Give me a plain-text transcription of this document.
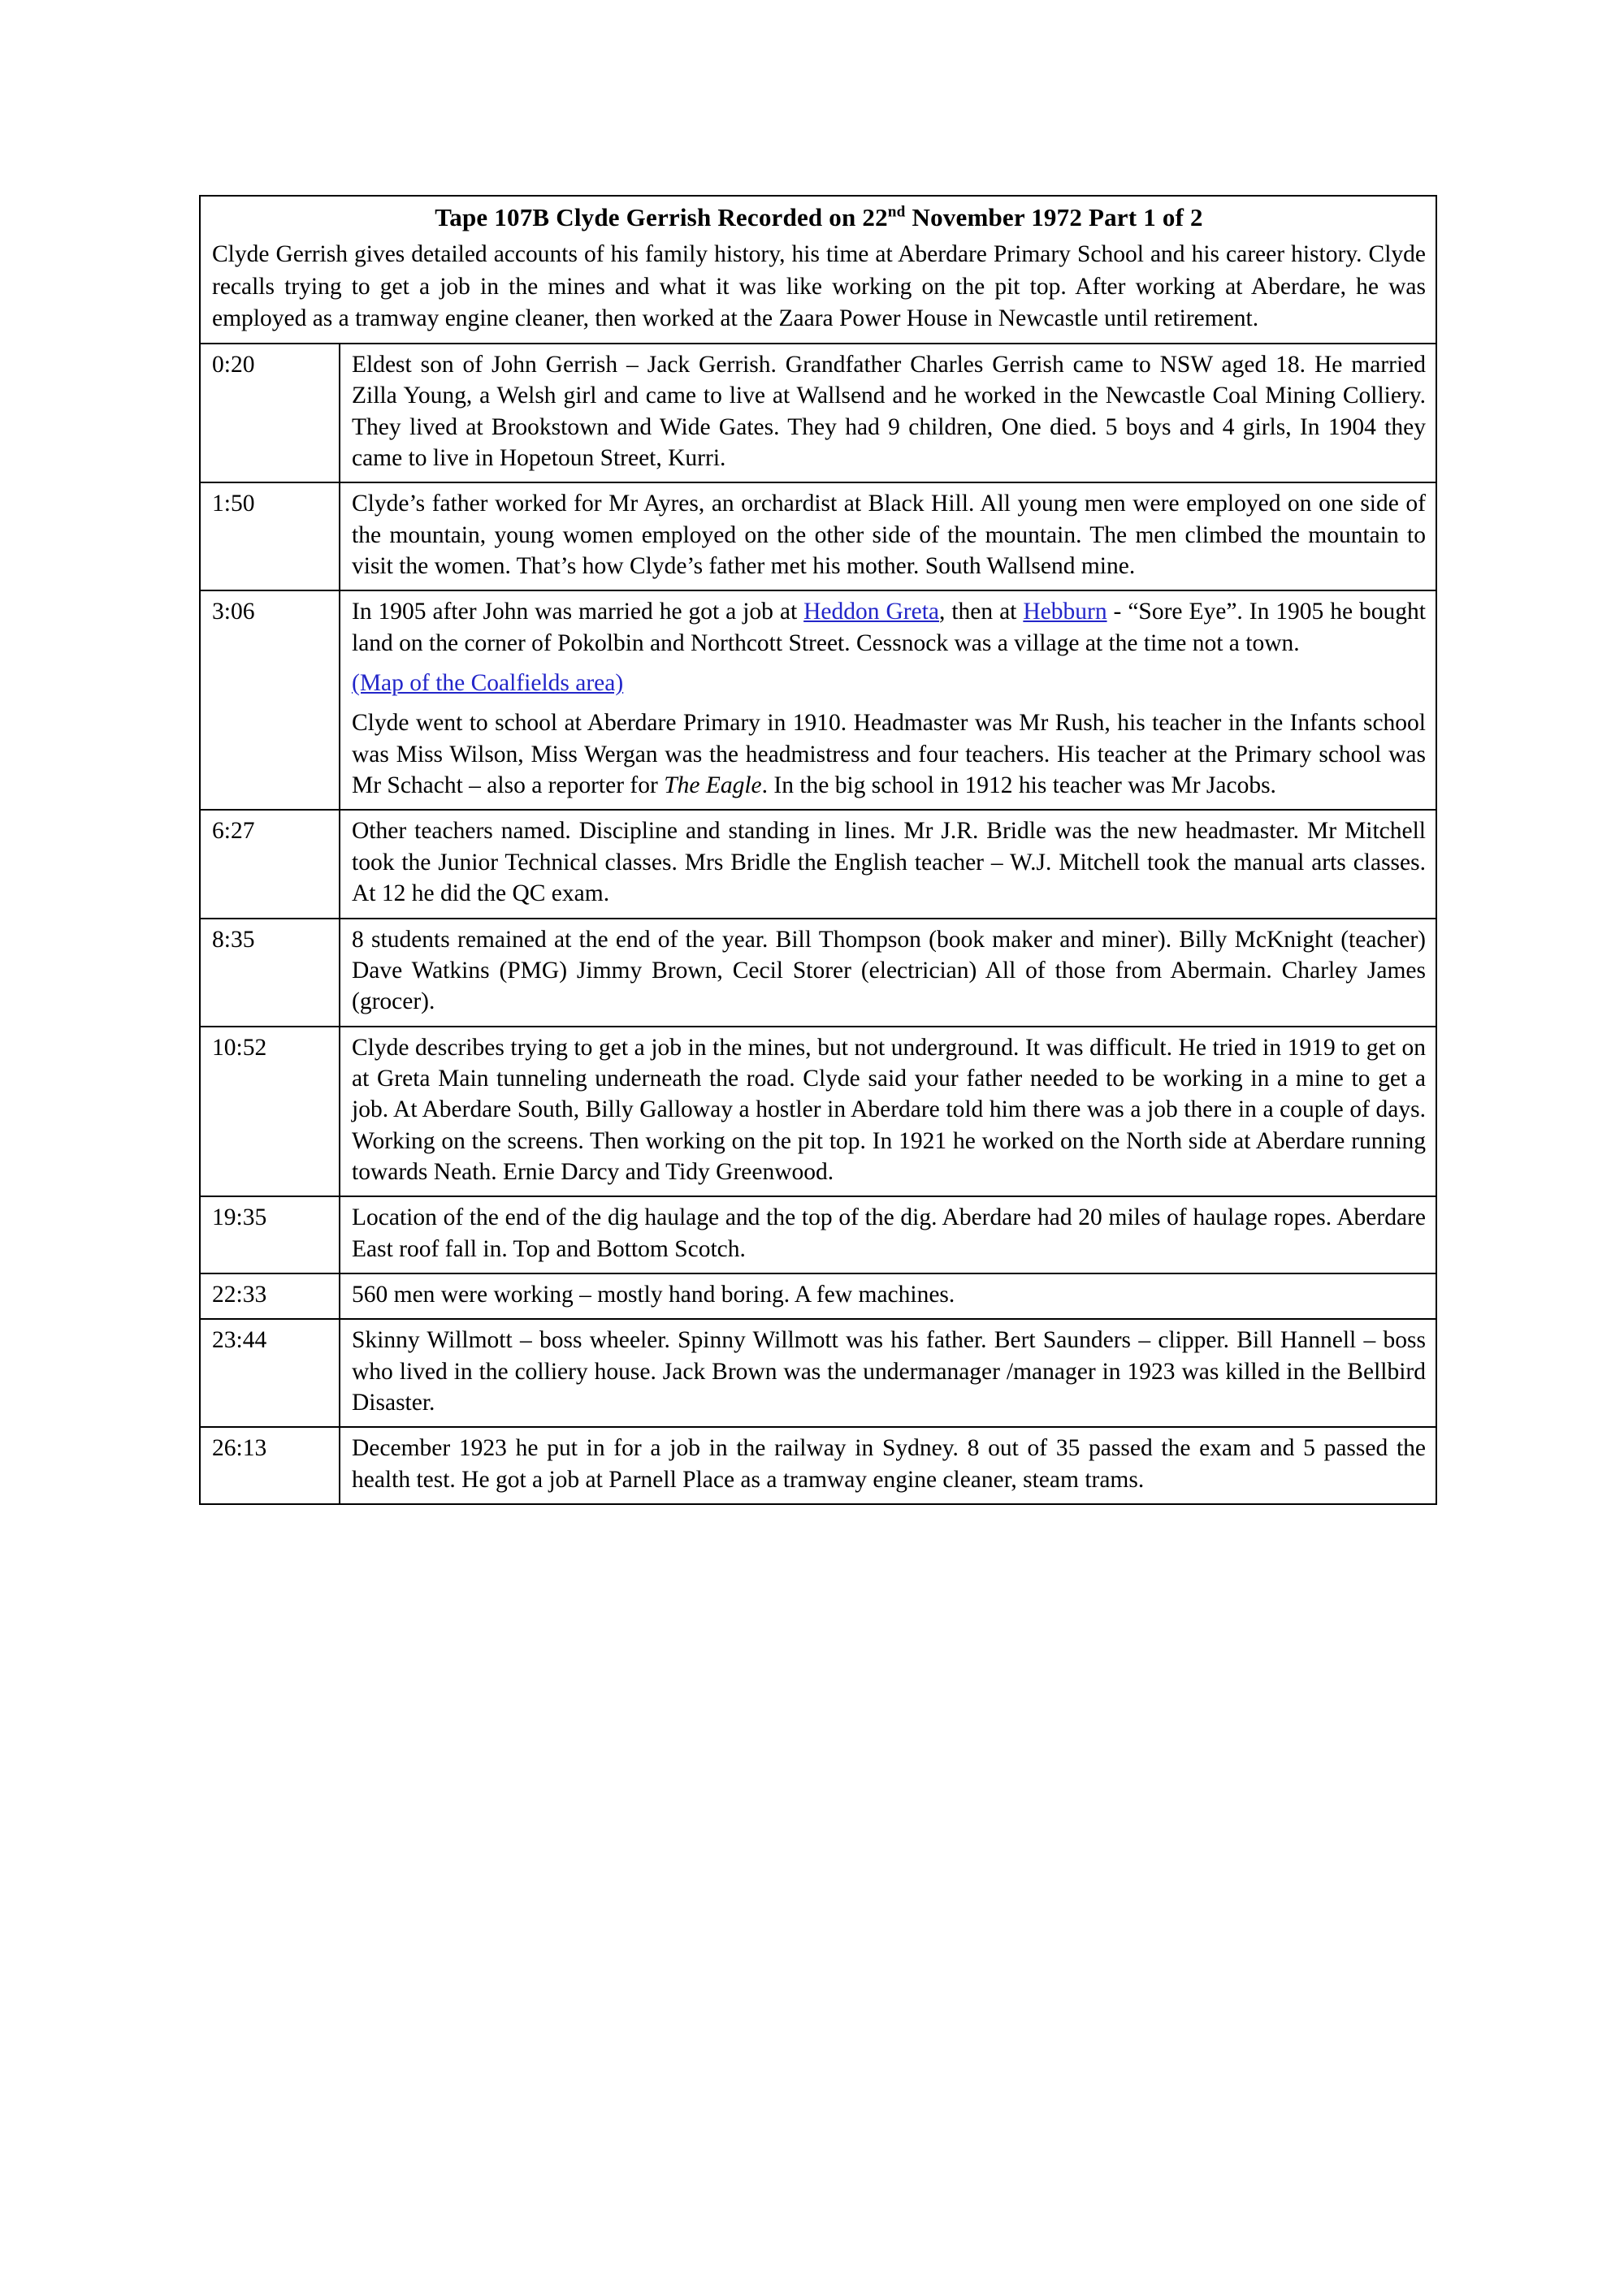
Tape 107B Clyde Gerrish Recorded on 22nd November 1972 Part 1 of 2

Clyde Gerrish gives detailed accounts of his family history, his time at Aberdare Primary School and his career history. Clyde recalls trying to get a job in the mines and what it was like working on the pit top. After working at Aberdare, he was employed as a tramway engine cleaner, then worked at the Zaara Power House in Newcastle until retirement.	

0:20	Eldest son of John Gerrish – Jack Gerrish. Grandfather Charles Gerrish came to NSW aged 18. He married Zilla Young, a Welsh girl and came to live at Wallsend and he worked in the Newcastle Coal Mining Colliery. They lived at Brookstown and Wide Gates. They had 9 children, One died. 5 boys and 4 girls, In 1904 they came to live in Hopetoun Street, Kurri.

1:50	Clyde’s father worked for Mr Ayres, an orchardist at Black Hill. All young men were employed on one side of the mountain, young women employed on the other side of the mountain. The men climbed the mountain to visit the women. That’s how Clyde’s father met his mother. South Wallsend mine.

3:06	In 1905 after John was married he got a job at Heddon Greta, then at Hebburn - “Sore Eye”. In 1905 he bought land on the corner of Pokolbin and Northcott Street. Cessnock was a village at the time not a town.

(Map of the Coalfields area)

Clyde went to school at Aberdare Primary in 1910. Headmaster was Mr Rush, his teacher in the Infants school was Miss Wilson, Miss Wergan was the headmistress and four teachers. His teacher at the Primary school was Mr Schacht – also a reporter for The Eagle. In the big school in 1912 his teacher was Mr Jacobs.

6:27	Other teachers named. Discipline and standing in lines. Mr J.R. Bridle was the new headmaster. Mr Mitchell took the Junior Technical classes. Mrs Bridle the English teacher – W.J. Mitchell took the manual arts classes. At 12 he did the QC exam.

8:35	8 students remained at the end of the year. Bill Thompson (book maker and miner). Billy McKnight (teacher) Dave Watkins (PMG) Jimmy Brown, Cecil Storer (electrician) All of those from Abermain. Charley James (grocer).

10:52	Clyde describes trying to get a job in the mines, but not underground. It was difficult. He tried in 1919 to get on at Greta Main tunneling underneath the road. Clyde said your father needed to be working in a mine to get a job. At Aberdare South, Billy Galloway a hostler in Aberdare told him there was a job there in a couple of days. Working on the screens. Then working on the pit top. In 1921 he worked on the North side at Aberdare running towards Neath. Ernie Darcy and Tidy Greenwood.

19:35	Location of the end of the dig haulage and the top of the dig. Aberdare had 20 miles of haulage ropes. Aberdare East roof fall in. Top and Bottom Scotch.

22:33	560 men were working – mostly hand boring. A few machines.

23:44	Skinny Willmott – boss wheeler. Spinny Willmott was his father. Bert Saunders – clipper. Bill Hannell – boss who lived in the colliery house. Jack Brown was the undermanager /manager in 1923 was killed in the Bellbird Disaster.

26:13	December 1923 he put in for a job in the railway in Sydney. 8 out of 35 passed the exam and 5 passed the health test. He got a job at Parnell Place as a tramway engine cleaner, steam trams.
